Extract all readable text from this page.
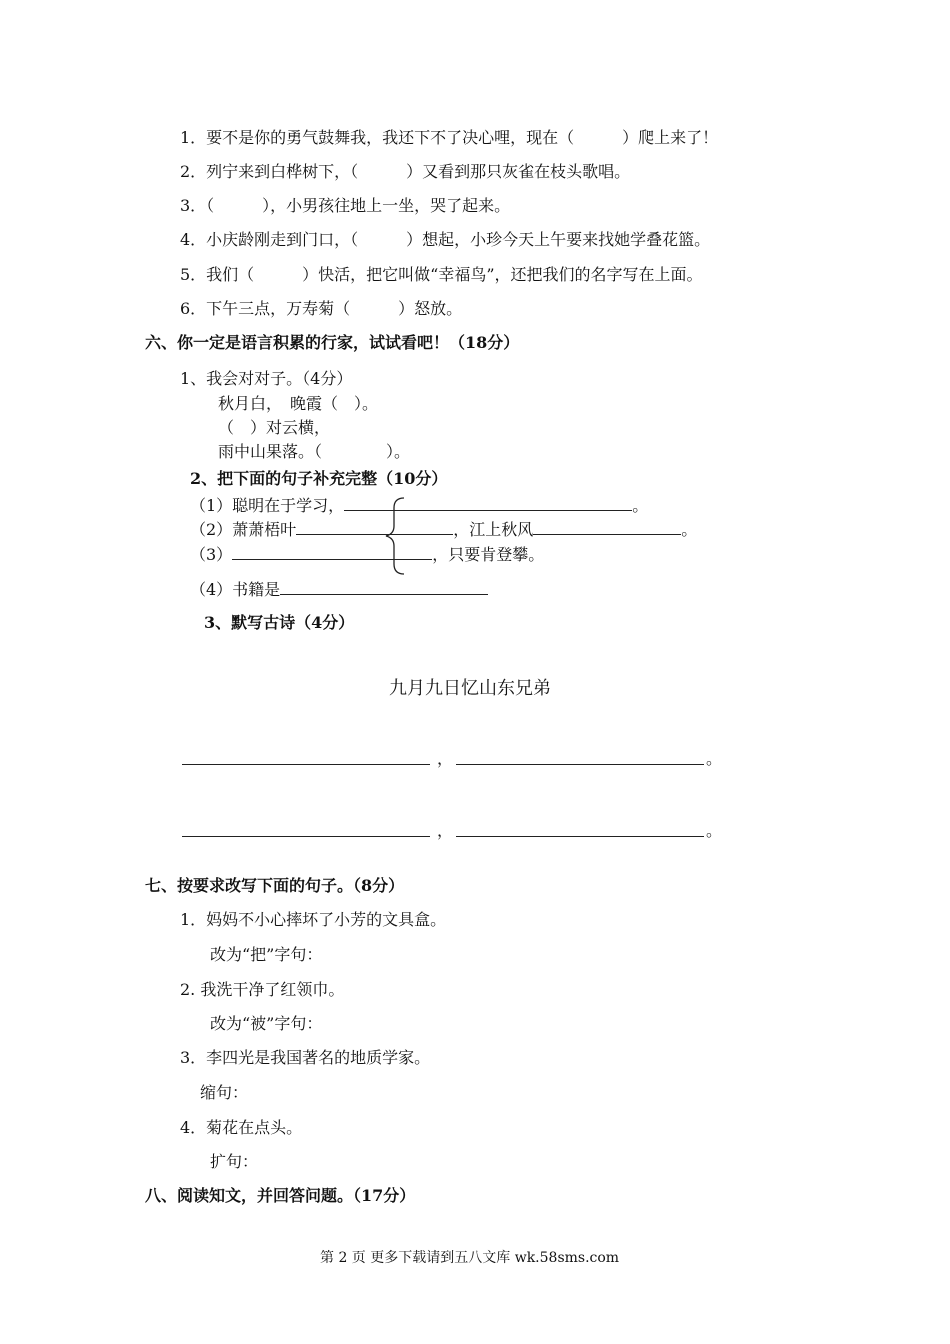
1．要不是你的勇气鼓舞我，我还下不了决心哩，现在（　　　）爬上来了！
2．列宁来到白桦树下，（　　　）又看到那只灰雀在枝头歌唱。
3．（　　　），小男孩往地上一坐，哭了起来。
4．小庆龄刚走到门口，（　　　）想起，小珍今天上午要来找她学叠花篮。
5．我们（　　　）快活，把它叫做“幸福鸟”，还把我们的名字写在上面。
6．下午三点，万寿菊（　　　）怒放。
六、你一定是语言积累的行家，试试看吧！（18分）
1、我会对对子。（4分）
秋月白，　晚霞（　）。
（　）对云横，
雨中山果落。（　　　　）。
2、把下面的句子补充完整（10分）
（1）聪明在于学习，	。
（2）萧萧梧叶	，江上秋风	。
（3）	，只要肯登攀。
（4）书籍是
3、默写古诗（4分）
九月九日忆山东兄弟
，	。
，	。
七、按要求改写下面的句子。（8分）
1．妈妈不小心摔坏了小芳的文具盒。
改为“把”字句：
2. 我洗干净了红领巾。
改为“被”字句：
3．李四光是我国著名的地质学家。
缩句：
4．菊花在点头。
扩句：
八、阅读知文，并回答问题。（17分）
第 2 页 更多下载请到五八文库 wk.58sms.com
